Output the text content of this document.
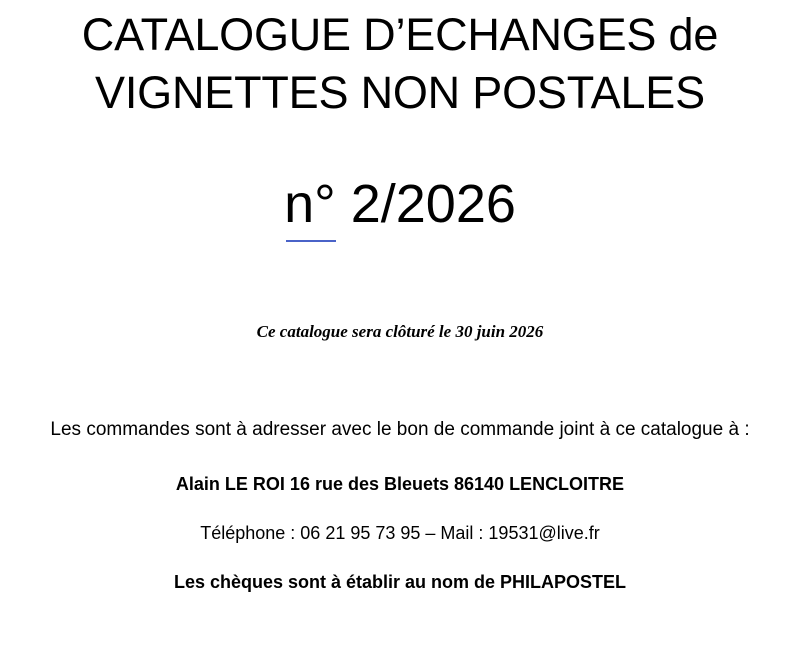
CATALOGUE D’ECHANGES de
VIGNETTES NON POSTALES
n° 2/2026
Ce catalogue sera clôturé le 30 juin 2026
Les commandes sont à adresser avec le bon de commande joint à ce catalogue à :
Alain LE ROI 16 rue des Bleuets 86140 LENCLOITRE
Téléphone : 06 21 95 73 95 – Mail : 19531@live.fr
Les chèques sont à établir au nom de PHILAPOSTEL
